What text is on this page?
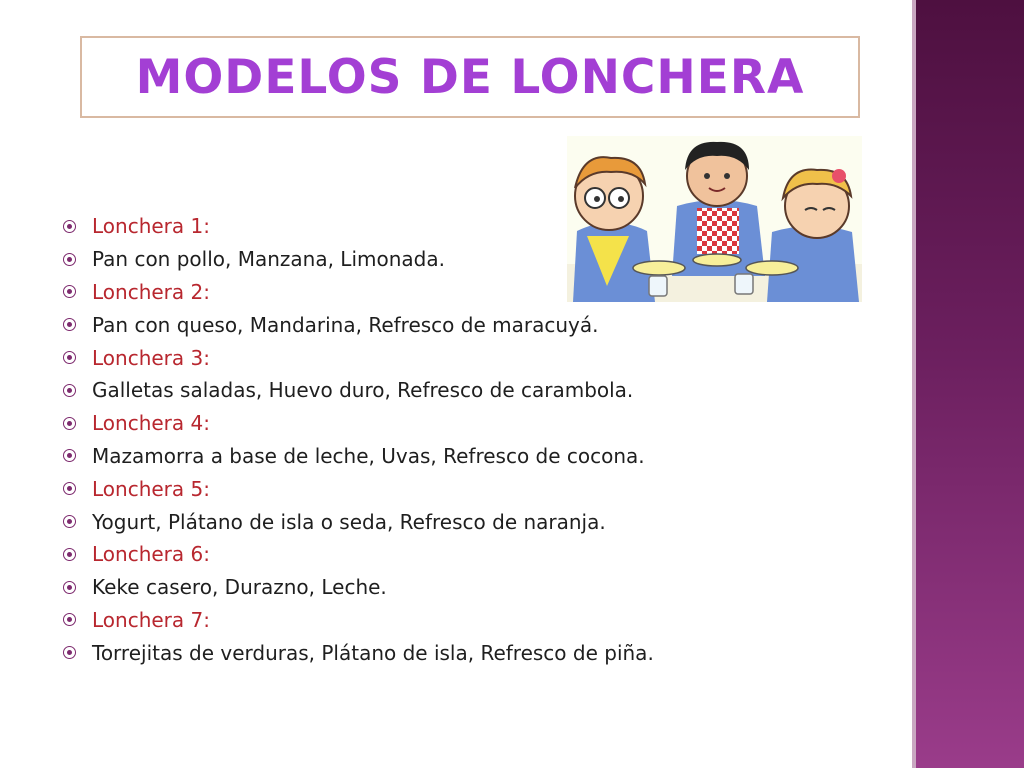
MODELOS DE LONCHERA
Lonchera 1:
Pan con pollo, Manzana, Limonada.
Lonchera 2:
Pan con queso, Mandarina, Refresco de maracuyá.
Lonchera 3:
Galletas saladas, Huevo duro, Refresco de carambola.
Lonchera 4:
Mazamorra a base de leche, Uvas, Refresco de cocona.
Lonchera 5:
Yogurt, Plátano de isla o seda, Refresco de naranja.
Lonchera 6:
Keke casero, Durazno, Leche.
Lonchera 7:
Torrejitas de verduras, Plátano de isla, Refresco de piña.
